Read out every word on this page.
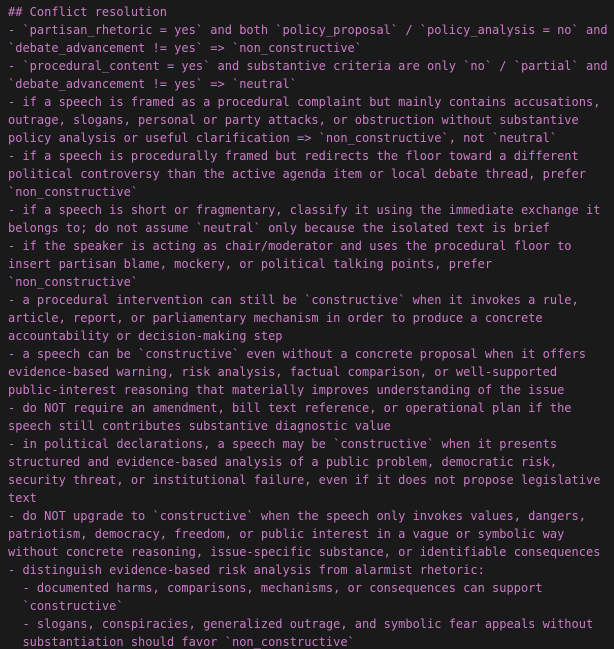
## Conflict resolution
- `partisan_rhetoric = yes` and both `policy_proposal` / `policy_analysis = no` and
`debate_advancement != yes` => `non_constructive`
- `procedural_content = yes` and substantive criteria are only `no` / `partial` and
`debate_advancement != yes` => `neutral`
- if a speech is framed as a procedural complaint but mainly contains accusations,
outrage, slogans, personal or party attacks, or obstruction without substantive
policy analysis or useful clarification => `non_constructive`, not `neutral`
- if a speech is procedurally framed but redirects the floor toward a different
political controversy than the active agenda item or local debate thread, prefer
`non_constructive`
- if a speech is short or fragmentary, classify it using the immediate exchange it
belongs to; do not assume `neutral` only because the isolated text is brief
- if the speaker is acting as chair/moderator and uses the procedural floor to
insert partisan blame, mockery, or political talking points, prefer
`non_constructive`
- a procedural intervention can still be `constructive` when it invokes a rule,
article, report, or parliamentary mechanism in order to produce a concrete
accountability or decision-making step
- a speech can be `constructive` even without a concrete proposal when it offers
evidence-based warning, risk analysis, factual comparison, or well-supported
public-interest reasoning that materially improves understanding of the issue
- do NOT require an amendment, bill text reference, or operational plan if the
speech still contributes substantive diagnostic value
- in political declarations, a speech may be `constructive` when it presents
structured and evidence-based analysis of a public problem, democratic risk,
security threat, or institutional failure, even if it does not propose legislative
text
- do NOT upgrade to `constructive` when the speech only invokes values, dangers,
patriotism, democracy, freedom, or public interest in a vague or symbolic way
without concrete reasoning, issue-specific substance, or identifiable consequences
- distinguish evidence-based risk analysis from alarmist rhetoric:
- documented harms, comparisons, mechanisms, or consequences can support
`constructive`
- slogans, conspiracies, generalized outrage, and symbolic fear appeals without
substantiation should favor `non_constructive`
